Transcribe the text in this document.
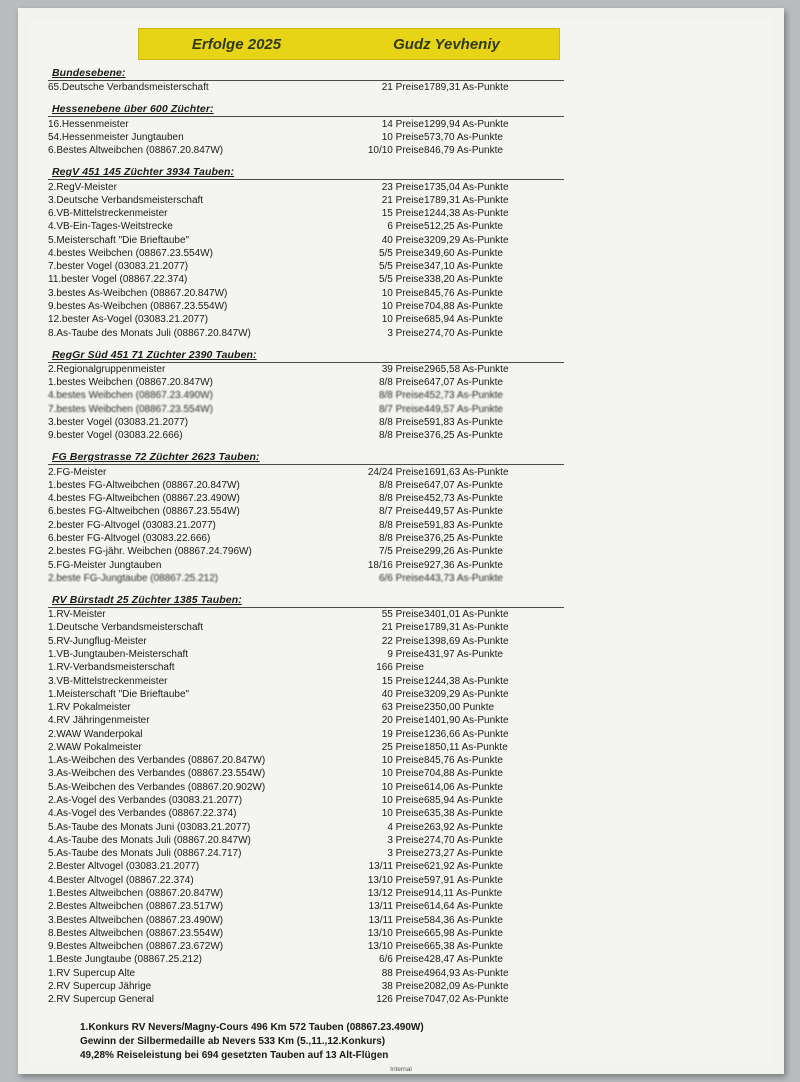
Erfolge 2025	Gudz Yevheniy
Bundesebene:
65.Deutsche Verbandsmeisterschaft	21 Preise	1789,31 As-Punkte
Hessenebene über 600 Züchter:
16.Hessenmeister	14 Preise	1299,94 As-Punkte
54.Hessenmeister Jungtauben	10 Preise	573,70 As-Punkte
6.Bestes Altweibchen (08867.20.847W)	10/10 Preise	846,79 As-Punkte
RegV 451 145 Züchter 3934 Tauben:
2.RegV-Meister	23 Preise	1735,04 As-Punkte
3.Deutsche Verbandsmeisterschaft	21 Preise	1789,31 As-Punkte
6.VB-Mittelstreckenmeister	15 Preise	1244,38 As-Punkte
4.VB-Ein-Tages-Weitstrecke	6 Preise	512,25 As-Punkte
5.Meisterschaft "Die Brieftaube"	40 Preise	3209,29 As-Punkte
4.bestes Weibchen (08867.23.554W)	5/5 Preise	349,60 As-Punkte
7.bester Vogel (03083.21.2077)	5/5 Preise	347,10 As-Punkte
11.bester Vogel (08867.22.374)	5/5 Preise	338,20 As-Punkte
3.bestes As-Weibchen (08867.20.847W)	10 Preise	845,76 As-Punkte
9.bestes As-Weibchen (08867.23.554W)	10 Preise	704,88 As-Punkte
12.bester As-Vogel (03083.21.2077)	10 Preise	685,94 As-Punkte
8.As-Taube des Monats Juli (08867.20.847W)	3 Preise	274,70 As-Punkte
RegGr Süd 451 71 Züchter 2390 Tauben:
2.Regionalgruppenmeister	39 Preise	2965,58 As-Punkte
1.bestes Weibchen (08867.20.847W)	8/8 Preise	647,07 As-Punkte
4.bestes Weibchen (08867.23.490W)	8/8 Preise	452,73 As-Punkte
7.bestes Weibchen (08867.23.554W)	8/7 Preise	449,57 As-Punkte
3.bester Vogel (03083.21.2077)	8/8 Preise	591,83 As-Punkte
9.bester Vogel (03083.22.666)	8/8 Preise	376,25 As-Punkte
FG Bergstrasse 72 Züchter 2623 Tauben:
2.FG-Meister	24/24 Preise	1691,63 As-Punkte
1.bestes FG-Altweibchen (08867.20.847W)	8/8 Preise	647,07 As-Punkte
4.bestes FG-Altweibchen (08867.23.490W)	8/8 Preise	452,73 As-Punkte
6.bestes FG-Altweibchen (08867.23.554W)	8/7 Preise	449,57 As-Punkte
2.bester FG-Altvogel (03083.21.2077)	8/8 Preise	591,83 As-Punkte
6.bester FG-Altvogel (03083.22.666)	8/8 Preise	376,25 As-Punkte
2.bestes FG-jähr. Weibchen (08867.24.796W)	7/5 Preise	299,26 As-Punkte
5.FG-Meister Jungtauben	18/16 Preise	927,36 As-Punkte
2.beste FG-Jungtaube (08867.25.212)	6/6 Preise	443,73 As-Punkte
RV Bürstadt 25 Züchter 1385 Tauben:
1.RV-Meister	55 Preise	3401,01 As-Punkte
1.Deutsche Verbandsmeisterschaft	21 Preise	1789,31 As-Punkte
5.RV-Jungflug-Meister	22 Preise	1398,69 As-Punkte
1.VB-Jungtauben-Meisterschaft	9 Preise	431,97 As-Punkte
1.RV-Verbandsmeisterschaft	166 Preise	
3.VB-Mittelstreckenmeister	15 Preise	1244,38 As-Punkte
1.Meisterschaft "Die Brieftaube"	40 Preise	3209,29 As-Punkte
1.RV Pokalmeister	63 Preise	2350,00 Punkte
4.RV Jähringenmeister	20 Preise	1401,90 As-Punkte
2.WAW Wanderpokal	19 Preise	1236,66 As-Punkte
2.WAW Pokalmeister	25 Preise	1850,11 As-Punkte
1.As-Weibchen des Verbandes (08867.20.847W)	10 Preise	845,76 As-Punkte
3.As-Weibchen des Verbandes (08867.23.554W)	10 Preise	704,88 As-Punkte
5.As-Weibchen des Verbandes (08867.20.902W)	10 Preise	614,06 As-Punkte
2.As-Vogel des Verbandes (03083.21.2077)	10 Preise	685,94 As-Punkte
4.As-Vogel des Verbandes (08867.22.374)	10 Preise	635,38 As-Punkte
5.As-Taube des Monats Juni (03083.21.2077)	4 Preise	263,92 As-Punkte
4.As-Taube des Monats Juli (08867.20.847W)	3 Preise	274,70 As-Punkte
5.As-Taube des Monats Juli (08867.24.717)	3 Preise	273,27 As-Punkte
2.Bester Altvogel (03083.21.2077)	13/11 Preise	621,92 As-Punkte
4.Bester Altvogel (08867.22.374)	13/10 Preise	597,91 As-Punkte
1.Bestes Altweibchen (08867.20.847W)	13/12 Preise	914,11 As-Punkte
2.Bestes Altweibchen (08867.23.517W)	13/11 Preise	614,64 As-Punkte
3.Bestes Altweibchen (08867.23.490W)	13/11 Preise	584,36 As-Punkte
8.Bestes Altweibchen (08867.23.554W)	13/10 Preise	665,98 As-Punkte
9.Bestes Altweibchen (08867.23.672W)	13/10 Preise	665,38 As-Punkte
1.Beste Jungtaube (08867.25.212)	6/6 Preise	428,47 As-Punkte
1.RV Supercup Alte	88 Preise	4964,93 As-Punkte
2.RV Supercup Jährige	38 Preise	2082,09 As-Punkte
2.RV Supercup General	126 Preise	7047,02 As-Punkte
1.Konkurs RV Nevers/Magny-Cours 496 Km 572 Tauben (08867.23.490W)
Gewinn der Silbermedaille ab Nevers 533 Km (5.,11.,12.Konkurs)
49,28% Reiseleistung bei 694 gesetzten Tauben auf 13 Alt-Flügen
Internal
